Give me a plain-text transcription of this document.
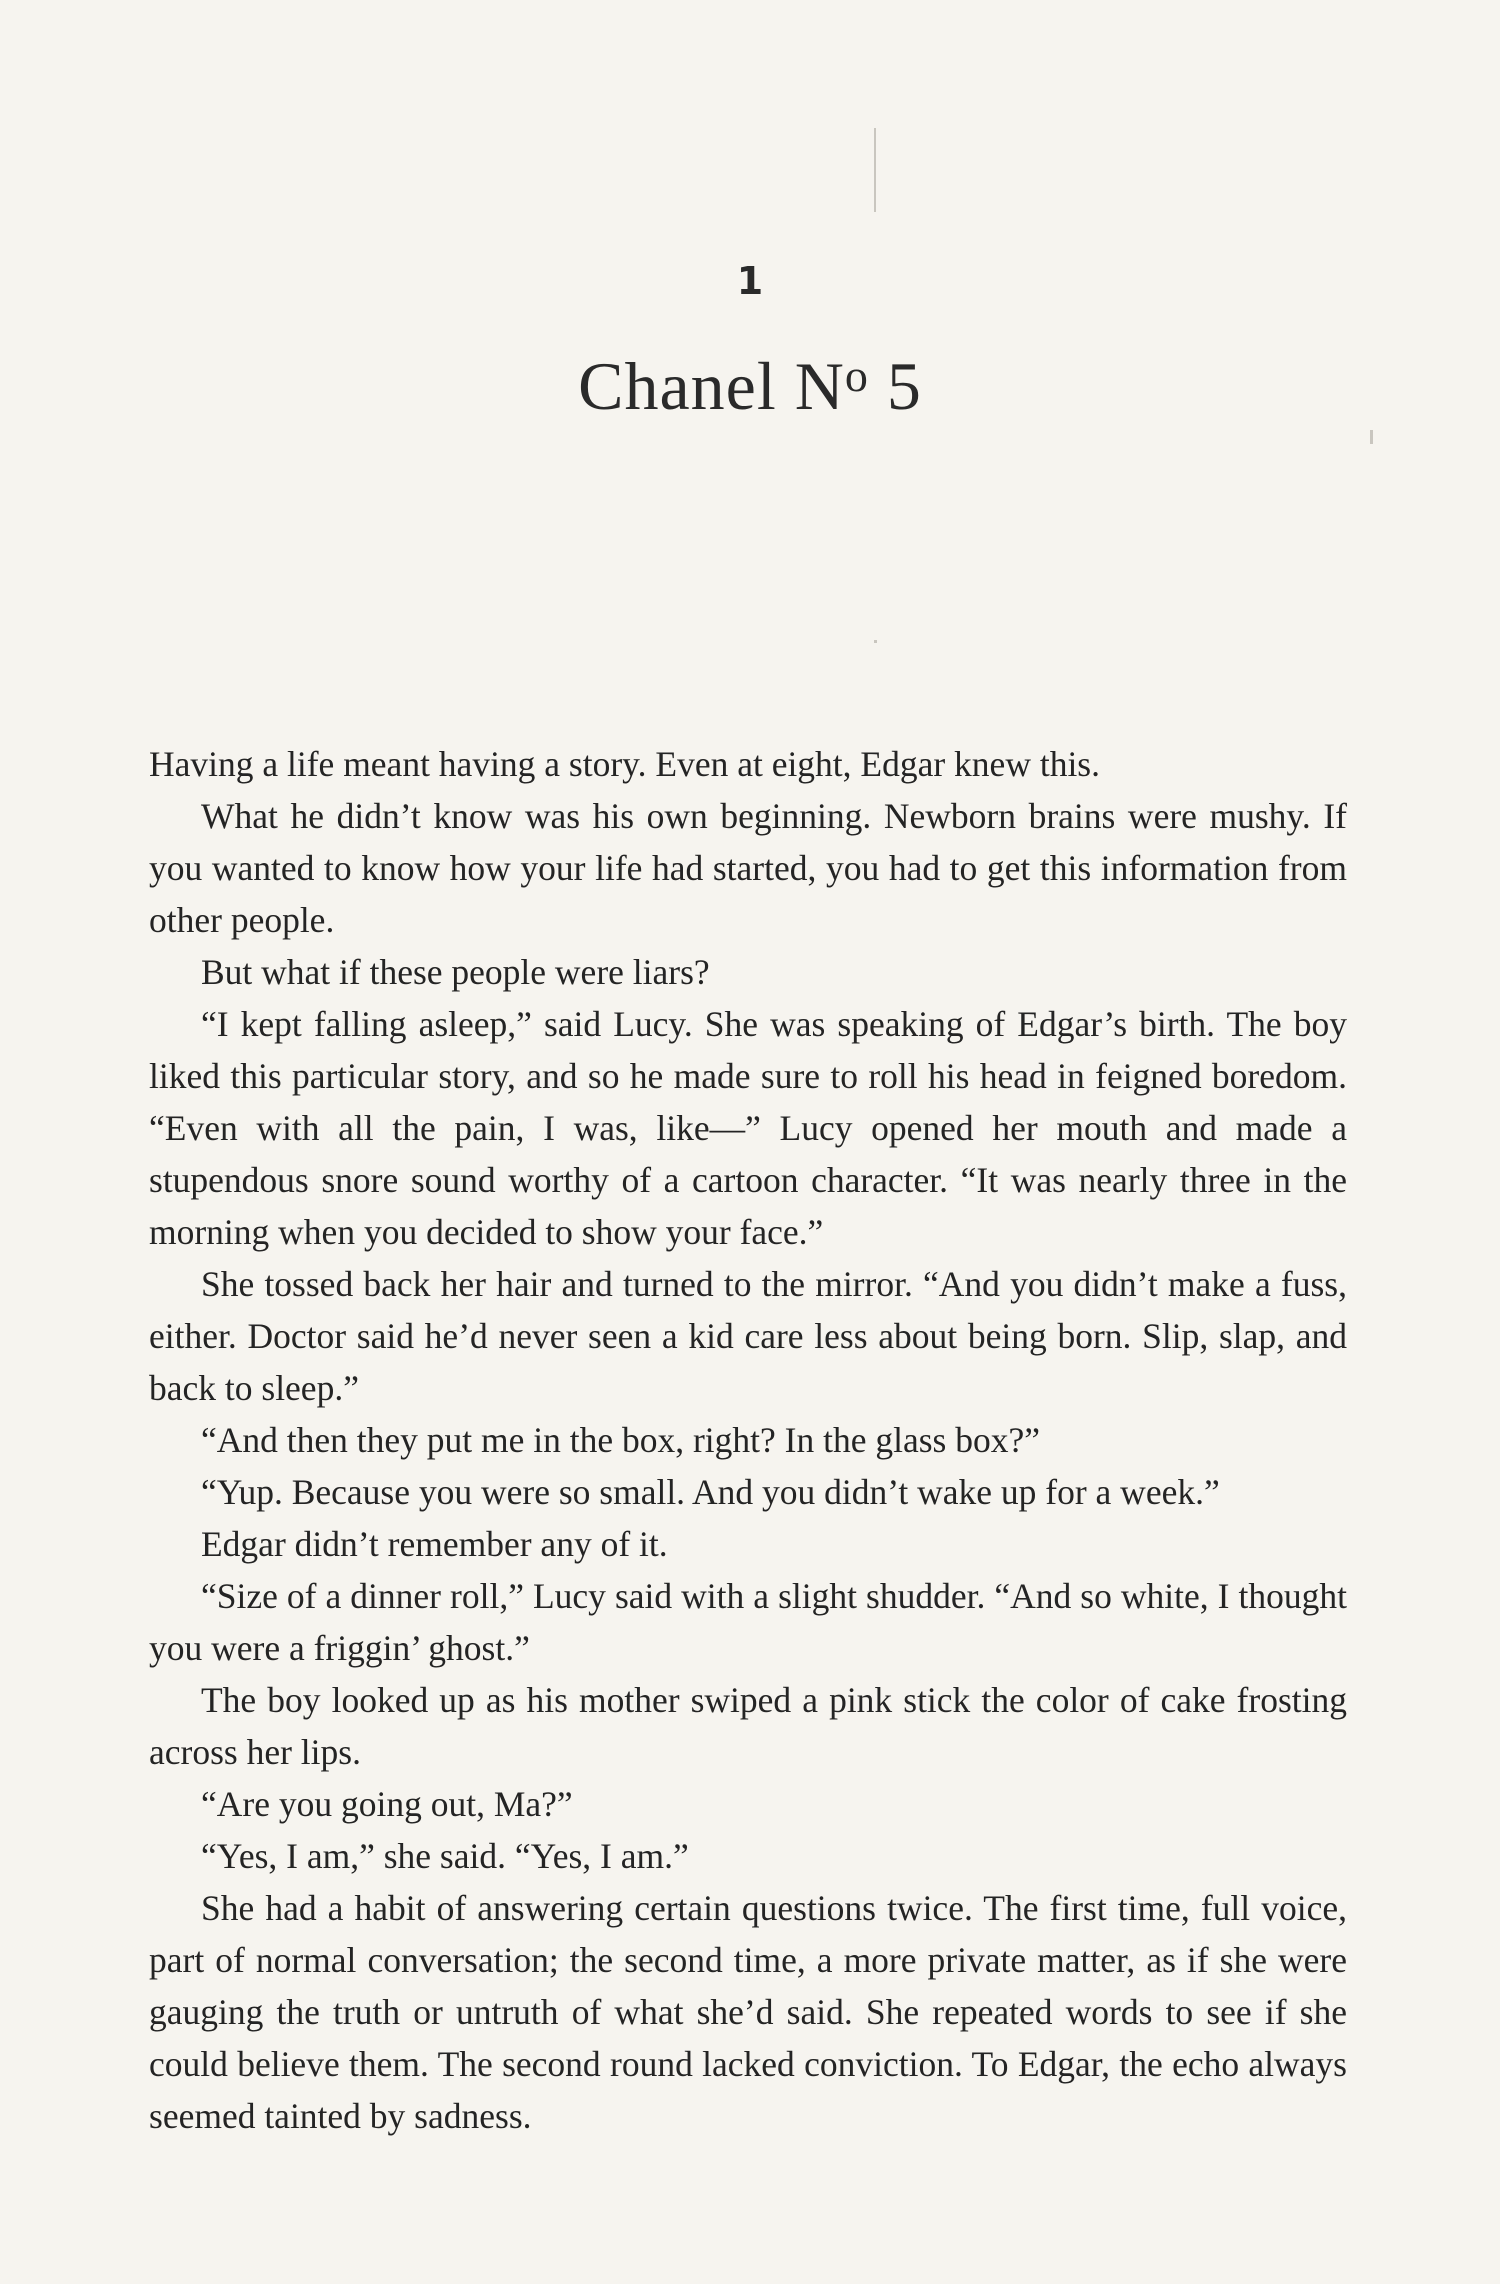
1
Chanel $N^o$ 5

Having a life meant having a story. Even at eight, Edgar knew this.

What he didn’t know was his own beginning. Newborn brains were mushy. If you wanted to know how your life had started, you had to get this information from other people.

But what if these people were liars?

“I kept falling asleep,” said Lucy. She was speaking of Edgar’s birth. The boy liked this particular story, and so he made sure to roll his head in feigned boredom. “Even with all the pain, I was, like—” Lucy opened her mouth and made a stupendous snore sound worthy of a cartoon character. “It was nearly three in the morning when you decided to show your face.”

She tossed back her hair and turned to the mirror. “And you didn’t make a fuss, either. Doctor said he’d never seen a kid care less about being born. Slip, slap, and back to sleep.”

“And then they put me in the box, right? In the glass box?”

“Yup. Because you were so small. And you didn’t wake up for a week.”

Edgar didn’t remember any of it.

“Size of a dinner roll,” Lucy said with a slight shudder. “And so white, I thought you were a friggin’ ghost.”

The boy looked up as his mother swiped a pink stick the color of cake frosting across her lips.

“Are you going out, Ma?”

“Yes, I am,” she said. “Yes, I am.”

She had a habit of answering certain questions twice. The first time, full voice, part of normal conversation; the second time, a more private matter, as if she were gauging the truth or untruth of what she’d said. She repeated words to see if she could believe them. The second round lacked conviction. To Edgar, the echo always seemed tainted by sadness.
